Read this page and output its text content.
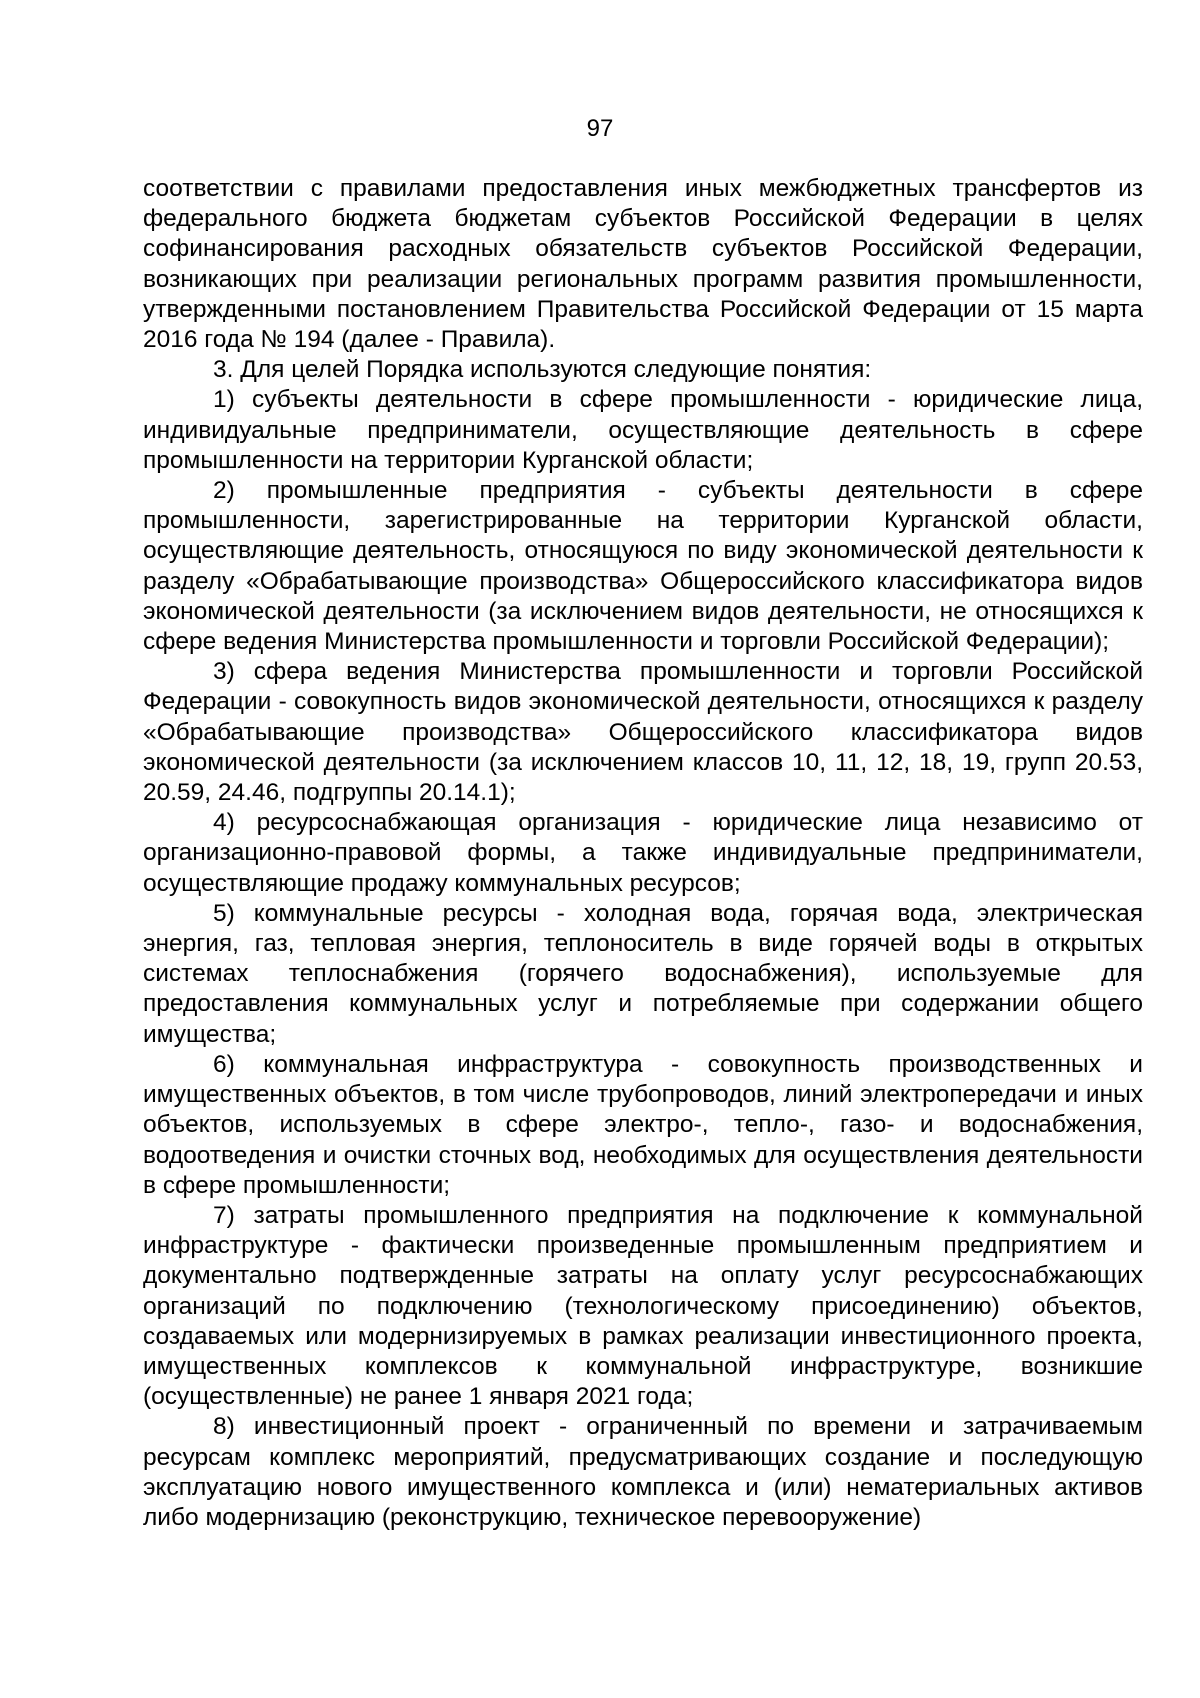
97

соответствии с правилами предоставления иных межбюджетных трансфертов из федерального бюджета бюджетам субъектов Российской Федерации в целях софинансирования расходных обязательств субъектов Российской Федерации, возникающих при реализации региональных программ развития промышленности, утвержденными постановлением Правительства Российской Федерации от 15 марта 2016 года № 194 (далее - Правила).

3. Для целей Порядка используются следующие понятия:

1) субъекты деятельности в сфере промышленности - юридические лица, индивидуальные предприниматели, осуществляющие деятельность в сфере промышленности на территории Курганской области;

2) промышленные предприятия - субъекты деятельности в сфере промышленности, зарегистрированные на территории Курганской области, осуществляющие деятельность, относящуюся по виду экономической деятельности к разделу «Обрабатывающие производства» Общероссийского классификатора видов экономической деятельности (за исключением видов деятельности, не относящихся к сфере ведения Министерства промышленности и торговли Российской Федерации);

3) сфера ведения Министерства промышленности и торговли Российской Федерации - совокупность видов экономической деятельности, относящихся к разделу «Обрабатывающие производства» Общероссийского классификатора видов экономической деятельности (за исключением классов 10, 11, 12, 18, 19, групп 20.53, 20.59, 24.46, подгруппы 20.14.1);

4) ресурсоснабжающая организация - юридические лица независимо от организационно-правовой формы, а также индивидуальные предприниматели, осуществляющие продажу коммунальных ресурсов;

5) коммунальные ресурсы - холодная вода, горячая вода, электрическая энергия, газ, тепловая энергия, теплоноситель в виде горячей воды в открытых системах теплоснабжения (горячего водоснабжения), используемые для предоставления коммунальных услуг и потребляемые при содержании общего имущества;

6) коммунальная инфраструктура - совокупность производственных и имущественных объектов, в том числе трубопроводов, линий электропередачи и иных объектов, используемых в сфере электро-, тепло-, газо- и водоснабжения, водоотведения и очистки сточных вод, необходимых для осуществления деятельности в сфере промышленности;

7) затраты промышленного предприятия на подключение к коммунальной инфраструктуре - фактически произведенные промышленным предприятием и документально подтвержденные затраты на оплату услуг ресурсоснабжающих организаций по подключению (технологическому присоединению) объектов, создаваемых или модернизируемых в рамках реализации инвестиционного проекта, имущественных комплексов к коммунальной инфраструктуре, возникшие (осуществленные) не ранее 1 января 2021 года;

8) инвестиционный проект - ограниченный по времени и затрачиваемым ресурсам комплекс мероприятий, предусматривающих создание и последующую эксплуатацию нового имущественного комплекса и (или) нематериальных активов либо модернизацию (реконструкцию, техническое перевооружение)
